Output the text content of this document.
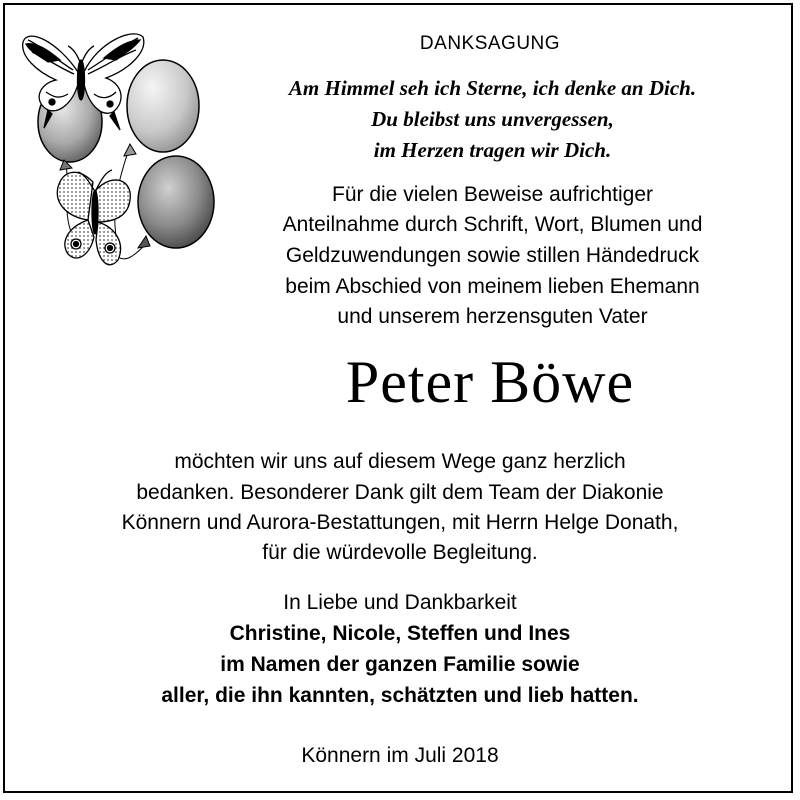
DANKSAGUNG
Am Himmel seh ich Sterne, ich denke an Dich.
Du bleibst uns unvergessen,
im Herzen tragen wir Dich.
Für die vielen Beweise aufrichtiger
Anteilnahme durch Schrift, Wort, Blumen und
Geldzuwendungen sowie stillen Händedruck
beim Abschied von meinem lieben Ehemann
und unserem herzensguten Vater
Peter Böwe
möchten wir uns auf diesem Wege ganz herzlich
bedanken. Besonderer Dank gilt dem Team der Diakonie
Könnern und Aurora-Bestattungen, mit Herrn Helge Donath,
für die würdevolle Begleitung.
In Liebe und Dankbarkeit
Christine, Nicole, Steffen und Ines
im Namen der ganzen Familie sowie
aller, die ihn kannten, schätzten und lieb hatten.
Könnern im Juli 2018
